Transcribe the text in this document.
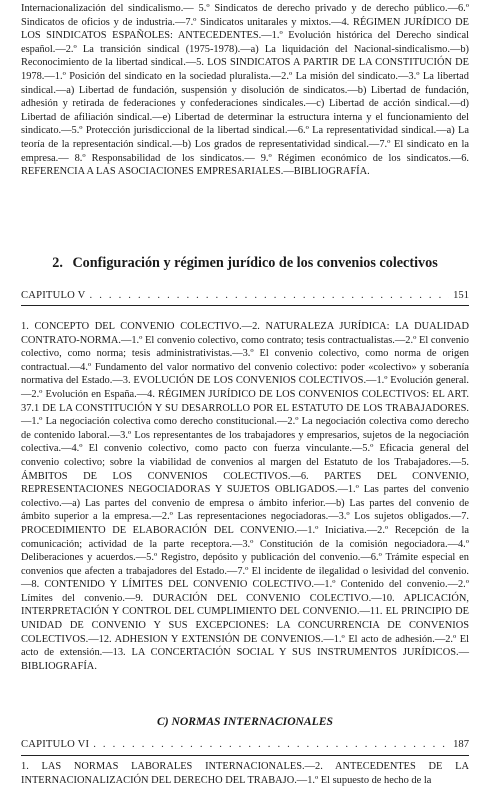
Internacionalización del sindicalismo.— 5.º Sindicatos de derecho privado y de derecho público.—6.º Sindicatos de oficios y de industria.—7.º Sindicatos unitarales y mixtos.—4. RÉGIMEN JURÍDICO DE LOS SINDICATOS ESPAÑOLES: ANTECEDENTES.—1.º Evolución histórica del Derecho sindical español.—2.º La transición sindical (1975-1978).—a) La liquidación del Nacional-sindicalismo.—b) Reconocimiento de la libertad sindical.—5. LOS SINDICATOS A PARTIR DE LA CONSTITUCIÓN DE 1978.—1.º Posición del sindicato en la sociedad pluralista.—2.º La misión del sindicato.—3.º La libertad sindical.—a) Libertad de fundación, suspensión y disolución de sindicatos.—b) Libertad de fundación, adhesión y retirada de federaciones y confederaciones sindicales.—c) Libertad de acción sindical.—d) Libertad de afiliación sindical.—e) Libertad de determinar la estructura interna y el funcionamiento del sindicato.—5.º Protección jurisdiccional de la libertad sindical.—6.º La representatividad sindical.—a) La teoría de la representación sindical.—b) Los grados de representatividad sindical.—7.º El sindicato en la empresa.— 8.º Responsabilidad de los sindicatos.— 9.º Régimen económico de los sindicatos.—6. REFERENCIA A LAS ASOCIACIONES EMPRESARIALES.—BIBLIOGRAFÍA.

2. Configuración y régimen jurídico de los convenios colectivos
CAPITULO V . . .	151

1. CONCEPTO DEL CONVENIO COLECTIVO.—2. NATURALEZA JURÍDICA: LA DUALIDAD CONTRATO-NORMA.—1.º El convenio colectivo, como contrato; tesis contractualistas.—2.º El convenio colectivo, como norma; tesis administrativistas.—3.º El convenio colectivo, como norma de origen contractual.—4.º Fundamento del valor normativo del convenio colectivo: poder «colectivo» y soberanía normativa del Estado.—3. EVOLUCIÓN DE LOS CONVENIOS COLECTIVOS.—1.º Evolución general.—2.º Evolución en España.—4. RÉGIMEN JURÍDICO DE LOS CONVENIOS COLECTIVOS: EL ART. 37.1 DE LA CONSTITUCIÓN Y SU DESARROLLO POR EL ESTATUTO DE LOS TRABAJADORES.—1.º La negociación colectiva como derecho constitucional.—2.º La negociación colectiva como derecho de contenido laboral.—3.º Los representantes de los trabajadores y empresarios, sujetos de la negociación colectiva.—4.º El convenio colectivo, como pacto con fuerza vinculante.—5.º Eficacia general del convenio colectivo; sobre la viabilidad de convenios al margen del Estatuto de los Trabajadores.—5. ÁMBITOS DE LOS CONVENIOS COLECTIVOS.—6. PARTES DEL CONVENIO, REPRESENTACIONES NEGOCIADORAS Y SUJETOS OBLIGADOS.—1.º Las partes del convenio colectivo.—a) Las partes del convenio de empresa o ámbito inferior.—b) Las partes del convenio de ámbito superior a la empresa.—2.º Las representaciones negociadoras.—3.º Los sujetos obligados.—7. PROCEDIMIENTO DE ELABORACIÓN DEL CONVENIO.—1.º Iniciativa.—2.º Recepción de la comunicación; actividad de la parte receptora.—3.º Constitución de la comisión negociadora.—4.º Deliberaciones y acuerdos.—5.º Registro, depósito y publicación del convenio.—6.º Trámite especial en convenios que afecten a trabajadores del Estado.—7.º El incidente de ilegalidad o lesividad del convenio.—8. CONTENIDO Y LÍMITES DEL CONVENIO COLECTIVO.—1.º Contenido del convenio.—2.º Límites del convenio.—9. DURACIÓN DEL CONVENIO COLECTIVO.—10. APLICACIÓN, INTERPRETACIÓN Y CONTROL DEL CUMPLIMIENTO DEL CONVENIO.—11. EL PRINCIPIO DE UNIDAD DE CONVENIO Y SUS EXCEPCIONES: LA CONCURRENCIA DE CONVENIOS COLECTIVOS.—12. ADHESION Y EXTENSIÓN DE CONVENIOS.—1.º El acto de adhesión.—2.º El acto de extensión.—13. LA CONCERTACIÓN SOCIAL Y SUS INSTRUMENTOS JURÍDICOS.—BIBLIOGRAFÍA.

C) NORMAS INTERNACIONALES
CAPITULO VI . . .	187

1. LAS NORMAS LABORALES INTERNACIONALES.—2. ANTECEDENTES DE LA INTERNACIONALIZACIÓN DEL DERECHO DEL TRABAJO.—1.º El supuesto de hecho de la
